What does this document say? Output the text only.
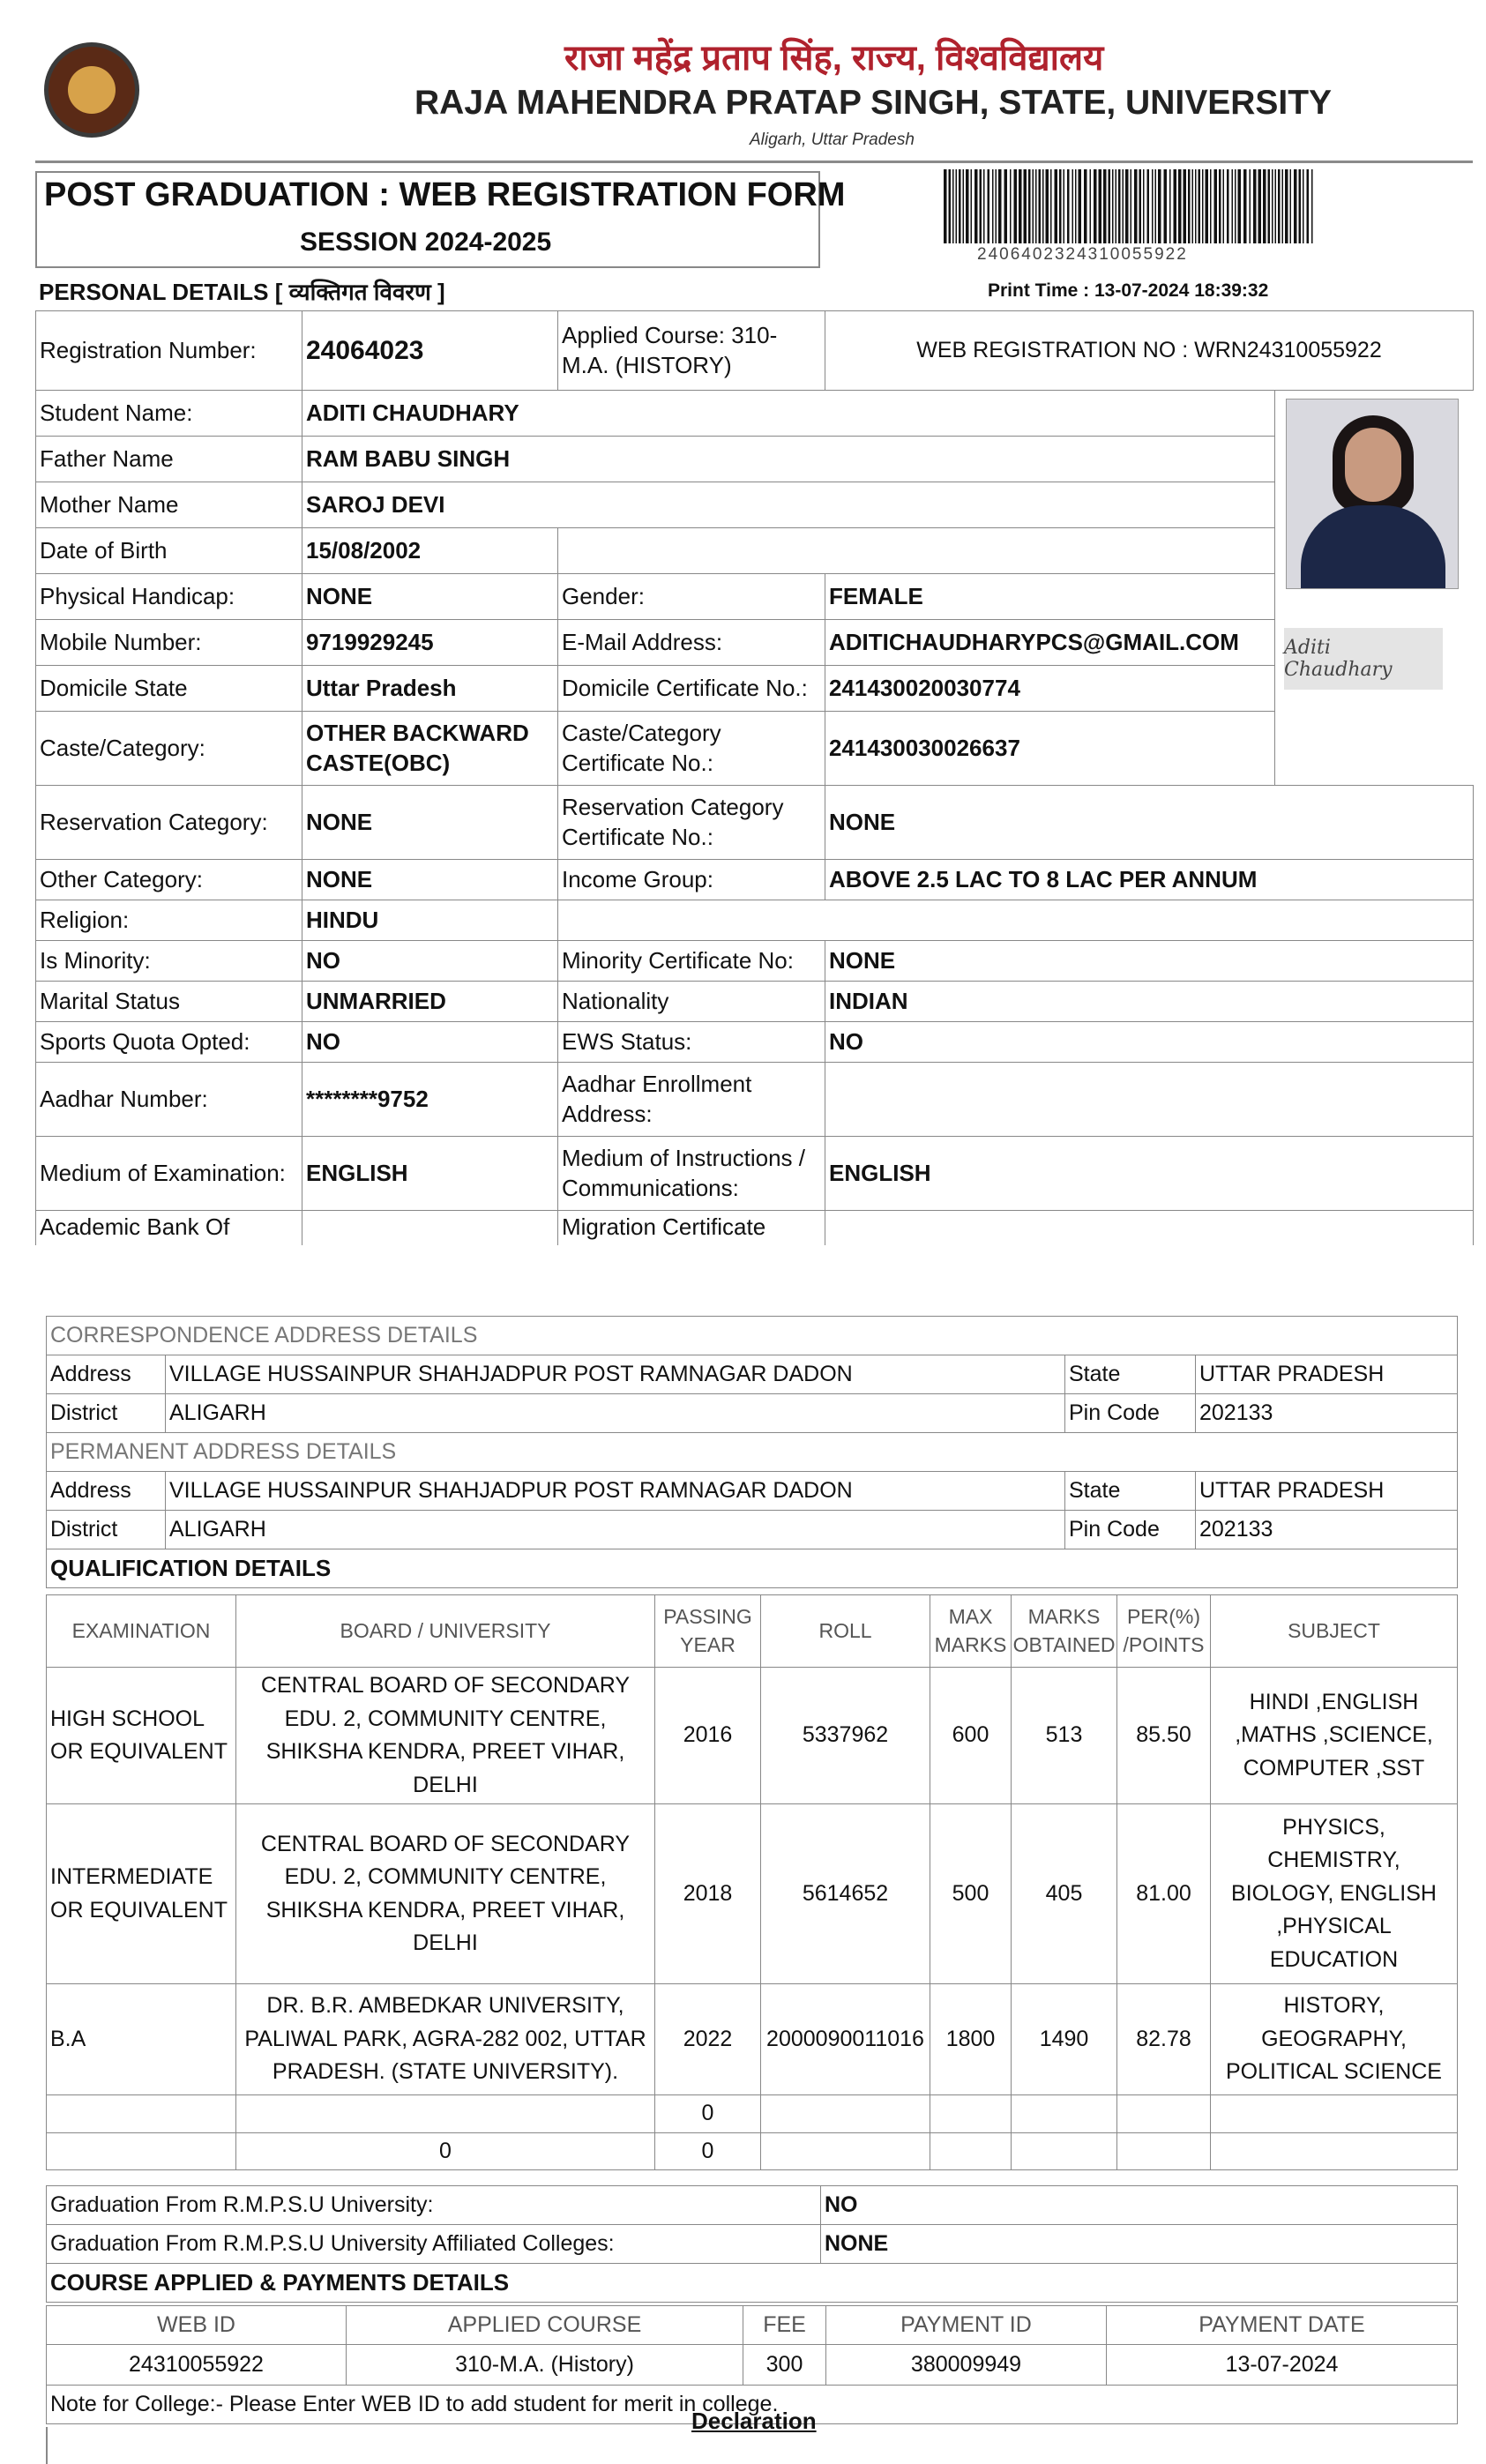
राजा महेंद्र प्रताप सिंह, राज्य, विश्वविद्यालय
RAJA MAHENDRA PRATAP SINGH, STATE, UNIVERSITY
Aligarh, Uttar Pradesh
POST GRADUATION : WEB REGISTRATION FORM
SESSION 2024-2025	2406402324310055922
Print Time : 13-07-2024 18:39:32
PERSONAL DETAILS [ व्यक्तिगत विवरण ]
Registration Number:	24064023	Applied Course: 310-M.A. (HISTORY)	WEB REGISTRATION NO : WRN24310055922	
Student Name:	ADITI CHAUDHARY			
Father Name	RAM BABU SINGH			
Mother Name	SAROJ DEVI			
Date of Birth	15/08/2002			
Physical Handicap:	NONE	Gender:	FEMALE	
Mobile Number:	9719929245	E-Mail Address:	ADITICHAUDHARYPCS@GMAIL.COM	
Domicile State	Uttar Pradesh	Domicile Certificate No.:	241430020030774	
Caste/Category:	OTHER BACKWARD CASTE(OBC)	Caste/Category Certificate No.:	241430030026637	
Reservation Category:	NONE	Reservation Category Certificate No.:	NONE	
Other Category:	NONE	Income Group:	ABOVE 2.5 LAC TO 8 LAC PER ANNUM	
Religion:	HINDU			
Is Minority:	NO	Minority Certificate No:	NONE	
Marital Status	UNMARRIED	Nationality	INDIAN	
Sports Quota Opted:	NO	EWS Status:	NO	
Aadhar Number:	********9752	Aadhar Enrollment Address:		
Medium of Examination:	ENGLISH	Medium of Instructions / Communications:	ENGLISH	
Academic Bank Of		Migration Certificate		
Aditi Chaudhary
CORRESPONDENCE ADDRESS DETAILS			
Address	VILLAGE HUSSAINPUR SHAHJADPUR POST RAMNAGAR DADON	State	UTTAR PRADESH
District	ALIGARH	Pin Code	202133
PERMANENT ADDRESS DETAILS			
Address	VILLAGE HUSSAINPUR SHAHJADPUR POST RAMNAGAR DADON	State	UTTAR PRADESH
District	ALIGARH	Pin Code	202133
QUALIFICATION DETAILS			
EXAMINATION	BOARD / UNIVERSITY	PASSING YEAR	ROLL	MAX MARKS	MARKS OBTAINED	PER(%) /POINTS	SUBJECT
HIGH SCHOOL OR EQUIVALENT	CENTRAL BOARD OF SECONDARY EDU. 2, COMMUNITY CENTRE, SHIKSHA KENDRA, PREET VIHAR, DELHI	2016	5337962	600	513	85.50	HINDI ,ENGLISH ,MATHS ,SCIENCE, COMPUTER ,SST
INTERMEDIATE OR EQUIVALENT	CENTRAL BOARD OF SECONDARY EDU. 2, COMMUNITY CENTRE, SHIKSHA KENDRA, PREET VIHAR, DELHI	2018	5614652	500	405	81.00	PHYSICS, CHEMISTRY, BIOLOGY, ENGLISH ,PHYSICAL EDUCATION
B.A	DR. B.R. AMBEDKAR UNIVERSITY, PALIWAL PARK, AGRA-282 002, UTTAR PRADESH. (STATE UNIVERSITY).	2022	2000090011016	1800	1490	82.78	HISTORY, GEOGRAPHY, POLITICAL SCIENCE
		0					
	0	0					
Graduation From R.M.P.S.U University:	NO
Graduation From R.M.P.S.U University Affiliated Colleges:	NONE
COURSE APPLIED & PAYMENTS DETAILS	
WEB ID	APPLIED COURSE	FEE	PAYMENT ID	PAYMENT DATE
24310055922	310-M.A. (History)	300	380009949	13-07-2024
Note for College:- Please Enter WEB ID to add student for merit in college.				
Declaration
